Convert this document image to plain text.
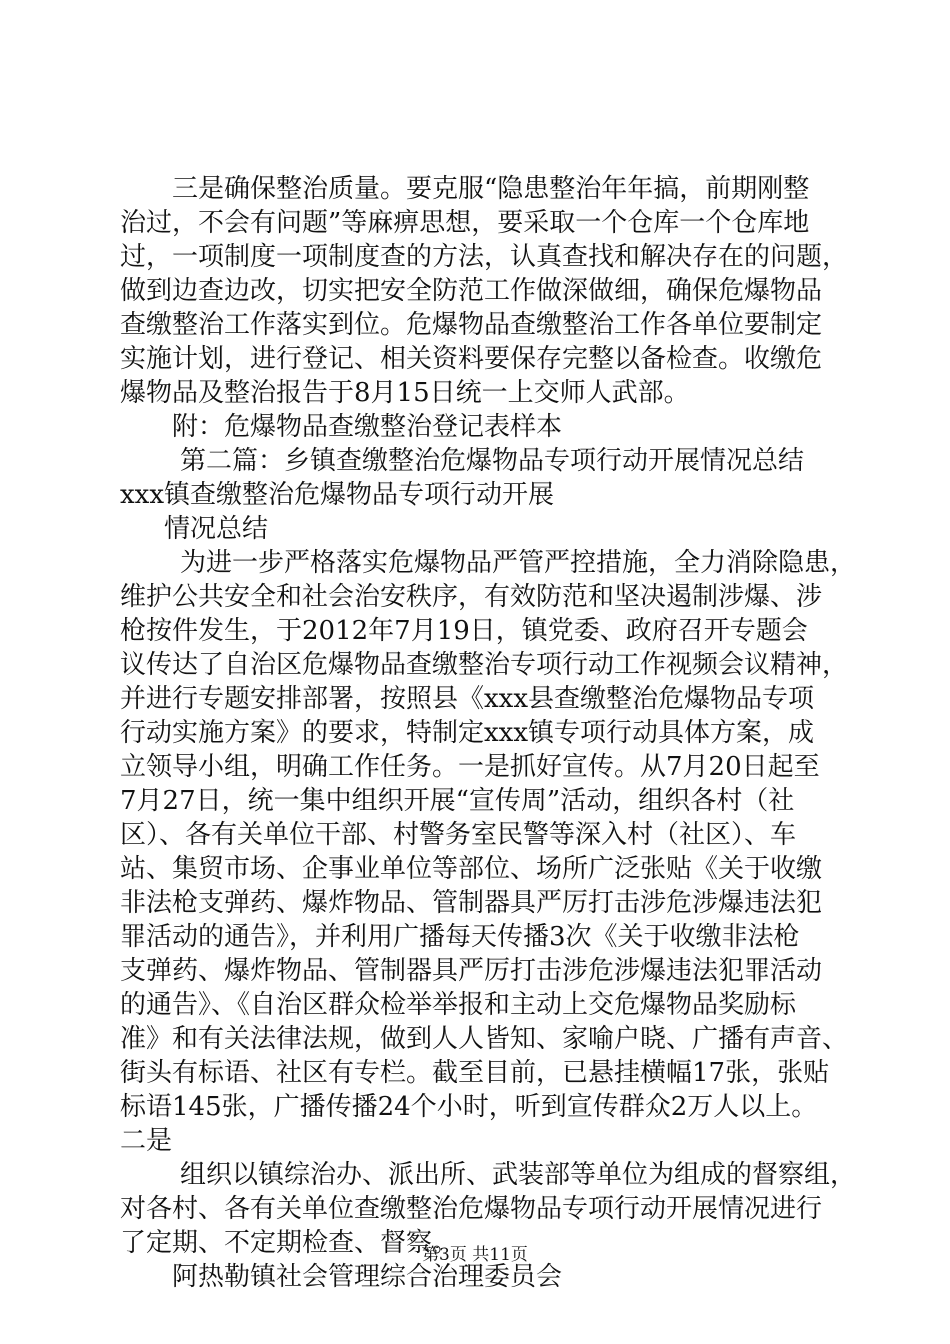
三是确保整治质量。要克服“隐患整治年年搞，前期刚整
治过，不会有问题”等麻痹思想，要采取一个仓库一个仓库地
过，一项制度一项制度查的方法，认真查找和解决存在的问题，
做到边查边改，切实把安全防范工作做深做细，确保危爆物品
查缴整治工作落实到位。危爆物品查缴整治工作各单位要制定
实施计划，进行登记、相关资料要保存完整以备检查。收缴危
爆物品及整治报告于8月15日统一上交师人武部。
附：危爆物品查缴整治登记表样本
第二篇：乡镇查缴整治危爆物品专项行动开展情况总结
xxx镇查缴整治危爆物品专项行动开展
情况总结
为进一步严格落实危爆物品严管严控措施，全力消除隐患，
维护公共安全和社会治安秩序，有效防范和坚决遏制涉爆、涉
枪按件发生，于2012年7月19日，镇党委、政府召开专题会
议传达了自治区危爆物品查缴整治专项行动工作视频会议精神，
并进行专题安排部署，按照县《xxx县查缴整治危爆物品专项
行动实施方案》的要求，特制定xxx镇专项行动具体方案，成
立领导小组，明确工作任务。一是抓好宣传。从7月20日起至
7月27日，统一集中组织开展“宣传周”活动，组织各村（社
区）、各有关单位干部、村警务室民警等深入村（社区）、车
站、集贸市场、企事业单位等部位、场所广泛张贴《关于收缴
非法枪支弹药、爆炸物品、管制器具严厉打击涉危涉爆违法犯
罪活动的通告》，并利用广播每天传播3次《关于收缴非法枪
支弹药、爆炸物品、管制器具严厉打击涉危涉爆违法犯罪活动
的通告》、《自治区群众检举举报和主动上交危爆物品奖励标
准》和有关法律法规，做到人人皆知、家喻户晓、广播有声音、
街头有标语、社区有专栏。截至目前，已悬挂横幅17张，张贴
标语145张，广播传播24个小时，听到宣传群众2万人以上。
二是
组织以镇综治办、派出所、武装部等单位为组成的督察组，
对各村、各有关单位查缴整治危爆物品专项行动开展情况进行
了定期、不定期检查、督察。
阿热勒镇社会管理综合治理委员会
第3页 共11页
